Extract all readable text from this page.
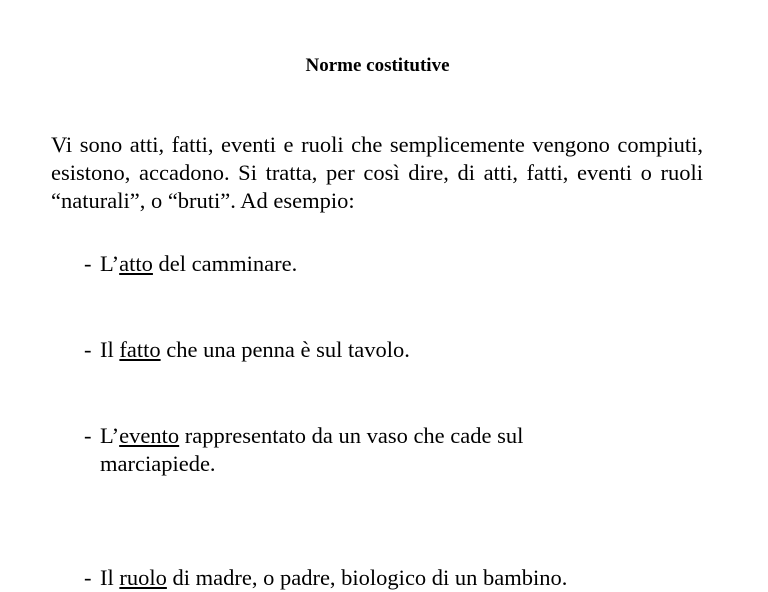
Norme costitutive

Vi sono atti, fatti, eventi e ruoli che semplicemente vengono compiuti, esistono, accadono. Si tratta, per così dire, di atti, fatti, eventi o ruoli “naturali”, o “bruti”. Ad esempio:

- L’atto del camminare.
- Il fatto che una penna è sul tavolo.
- L’evento rappresentato da un vaso che cade sul marciapiede.
- Il ruolo di madre, o padre, biologico di un bambino.
